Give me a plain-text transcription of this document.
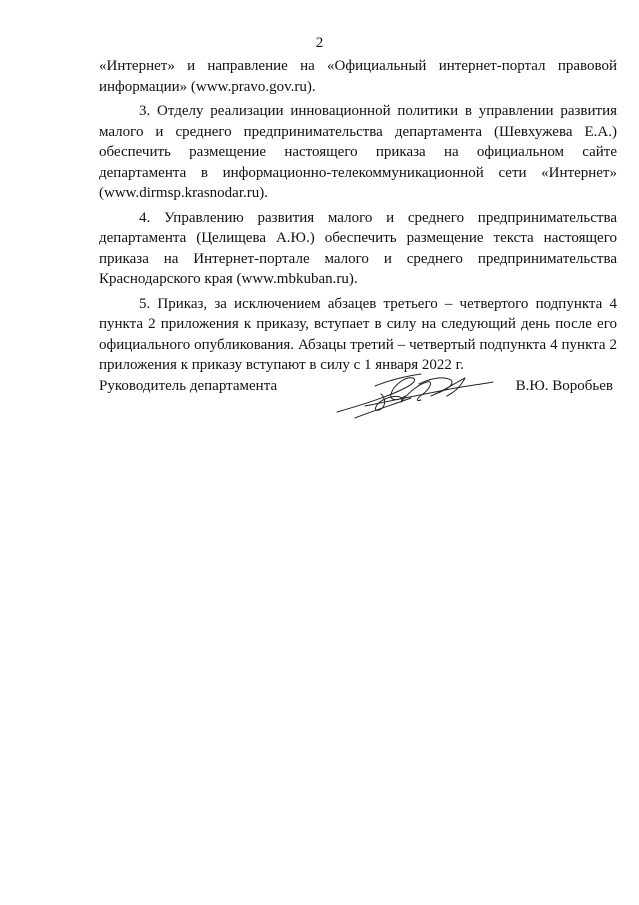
2

«Интернет» и направление на «Официальный интернет-портал правовой информации» (www.pravo.gov.ru).

3. Отделу реализации инновационной политики в управлении развития малого и среднего предпринимательства департамента (Шевхужева Е.А.) обеспечить размещение настоящего приказа на официальном сайте департамента в информационно-телекоммуникационной сети «Интернет» (www.dirmsp.krasnodar.ru).

4. Управлению развития малого и среднего предпринимательства департамента (Целищева А.Ю.) обеспечить размещение текста настоящего приказа на Интернет-портале малого и среднего предпринимательства Краснодарского края (www.mbkuban.ru).

5. Приказ, за исключением абзацев третьего – четвертого подпункта 4 пункта 2 приложения к приказу, вступает в силу на следующий день после его официального опубликования. Абзацы третий – четвертый подпункта 4 пункта 2 приложения к приказу вступают в силу с 1 января 2022 г.

Руководитель департамента	В.Ю. Воробьев
